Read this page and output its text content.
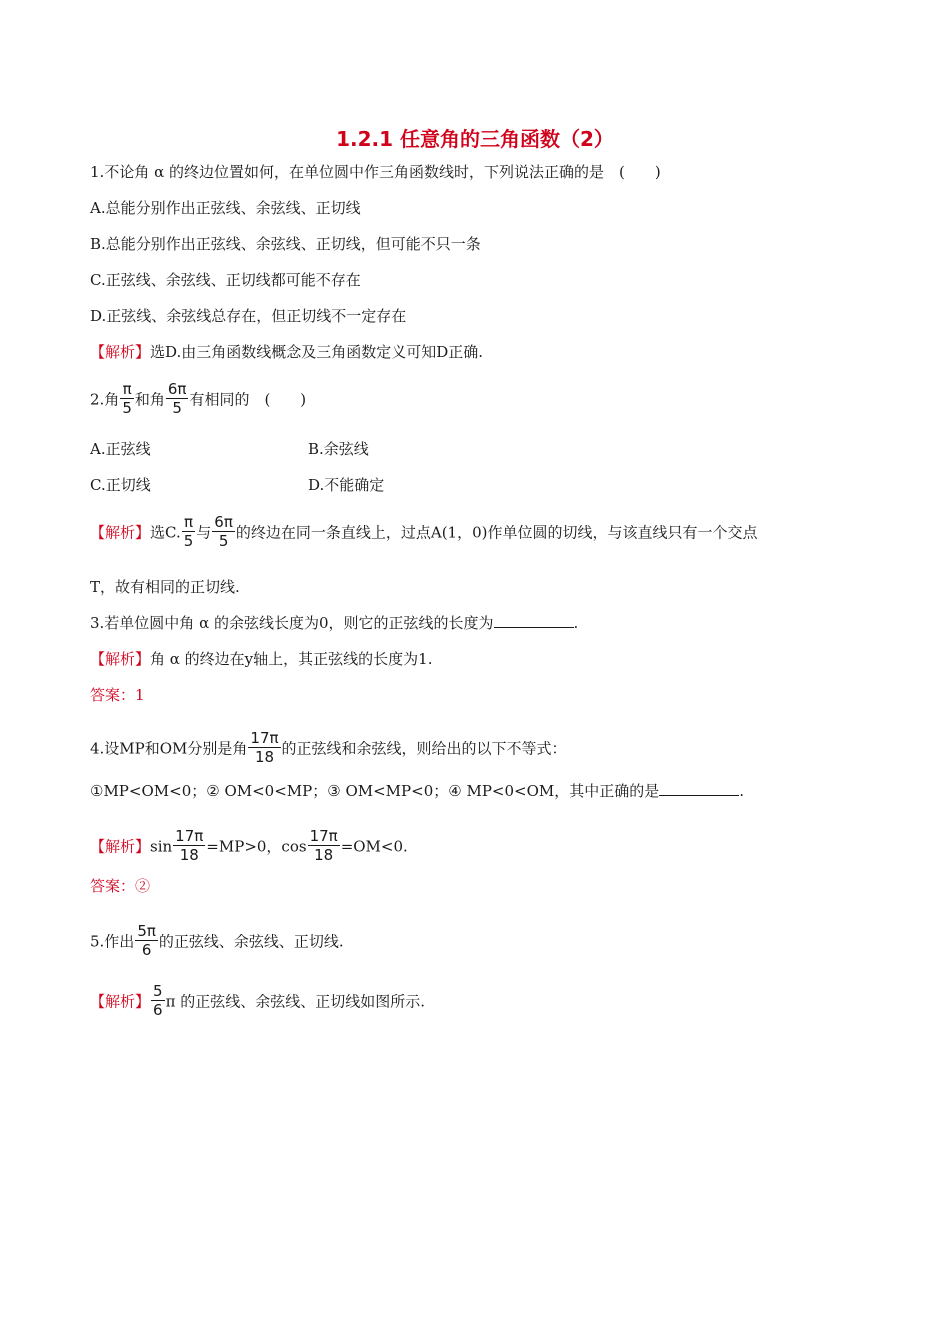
1.2.1 任意角的三角函数（2）
1.不论角 α 的终边位置如何，在单位圆中作三角函数线时，下列说法正确的是　(　　)
A.总能分别作出正弦线、余弦线、正切线
B.总能分别作出正弦线、余弦线、正切线，但可能不只一条
C.正弦线、余弦线、正切线都可能不存在
D.正弦线、余弦线总存在，但正切线不一定存在
【解析】选D.由三角函数线概念及三角函数定义可知D正确.
2.角 $\frac{\pi}{5}$ 和角 $\frac{6\pi}{5}$ 有相同的　(　　)
A.正弦线	B.余弦线
C.正切线	D.不能确定
【解析】选C. $\frac{\pi}{5}$ 与 $\frac{6\pi}{5}$ 的终边在同一条直线上，过点A(1，0)作单位圆的切线，与该直线只有一个交点
T，故有相同的正切线.
3.若单位圆中角 α 的余弦线长度为0，则它的正弦线的长度为	.
【解析】角 α 的终边在y轴上，其正弦线的长度为1.
答案：1
4.设MP和OM分别是角 $\frac{17\pi}{18}$ 的正弦线和余弦线，则给出的以下不等式：
①MP<OM<0；② OM<0<MP；③ OM<MP<0；④ MP<0<OM，其中正确的是	.
【解析】$\sin \frac{17\pi}{18} =MP>0$，$\cos \frac{17\pi}{18} =OM<0$.
答案：②
5.作出 $\frac{5\pi}{6}$ 的正弦线、余弦线、正切线.
【解析】 $\frac{5}{6}$ π 的正弦线、余弦线、正切线如图所示.
